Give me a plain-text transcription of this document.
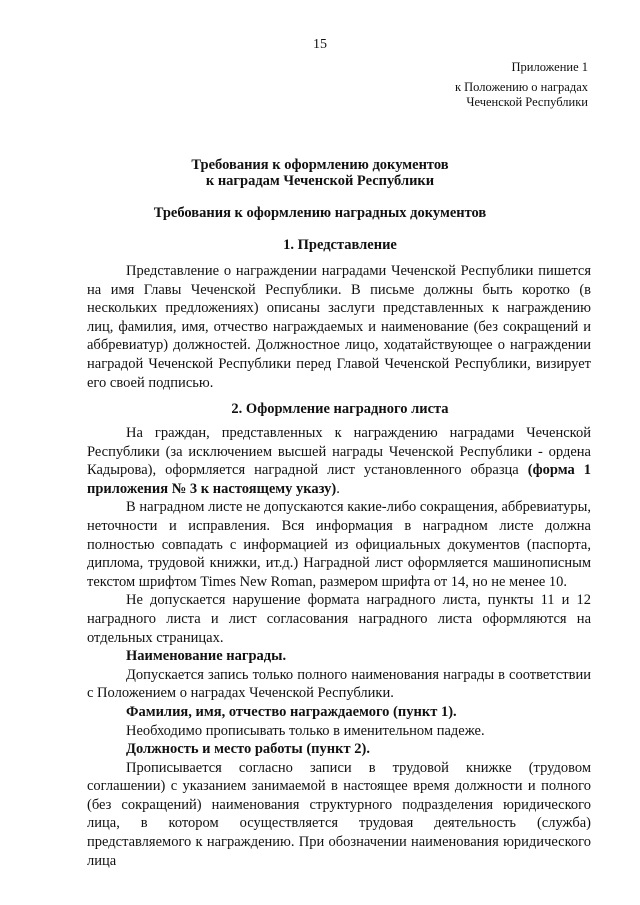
15
Приложение 1
к Положению о наградах
Чеченской Республики
Требования к оформлению документов
к наградам Чеченской Республики
Требования к оформлению наградных документов
1. Представление

Представление о награждении наградами Чеченской Республики пишется на имя Главы Чеченской Республики. В письме должны быть коротко (в нескольких предложениях) описаны заслуги представленных к награждению лиц, фамилия, имя, отчество награждаемых и наименование (без сокращений и аббревиатур) должностей. Должностное лицо, ходатайствующее о награждении наградой Чеченской Республики перед Главой Чеченской Республики, визирует его своей подписью.

2. Оформление наградного листа

На граждан, представленных к награждению наградами Чеченской Республики (за исключением высшей награды Чеченской Республики - ордена Кадырова), оформляется наградной лист установленного образца (форма 1 приложения № 3 к настоящему указу).

В наградном листе не допускаются какие-либо сокращения, аббревиатуры, неточности и исправления. Вся информация в наградном листе должна полностью совпадать с информацией из официальных документов (паспорта, диплома, трудовой книжки, ит.д.) Наградной лист оформляется машинописным текстом шрифтом Times New Roman, размером шрифта от 14, но не менее 10.

Не допускается нарушение формата наградного листа, пункты 11 и 12 наградного листа и лист согласования наградного листа оформляются на отдельных страницах.

Наименование награды.

Допускается запись только полного наименования награды в соответствии с Положением о наградах Чеченской Республики.

Фамилия, имя, отчество награждаемого (пункт 1).

Необходимо прописывать только в именительном падеже.

Должность и место работы (пункт 2).

Прописывается согласно записи в трудовой книжке (трудовом соглашении) с указанием занимаемой в настоящее время должности и полного (без сокращений) наименования структурного подразделения юридического лица, в котором осуществляется трудовая деятельность (служба) представляемого к награждению. При обозначении наименования юридического лица
